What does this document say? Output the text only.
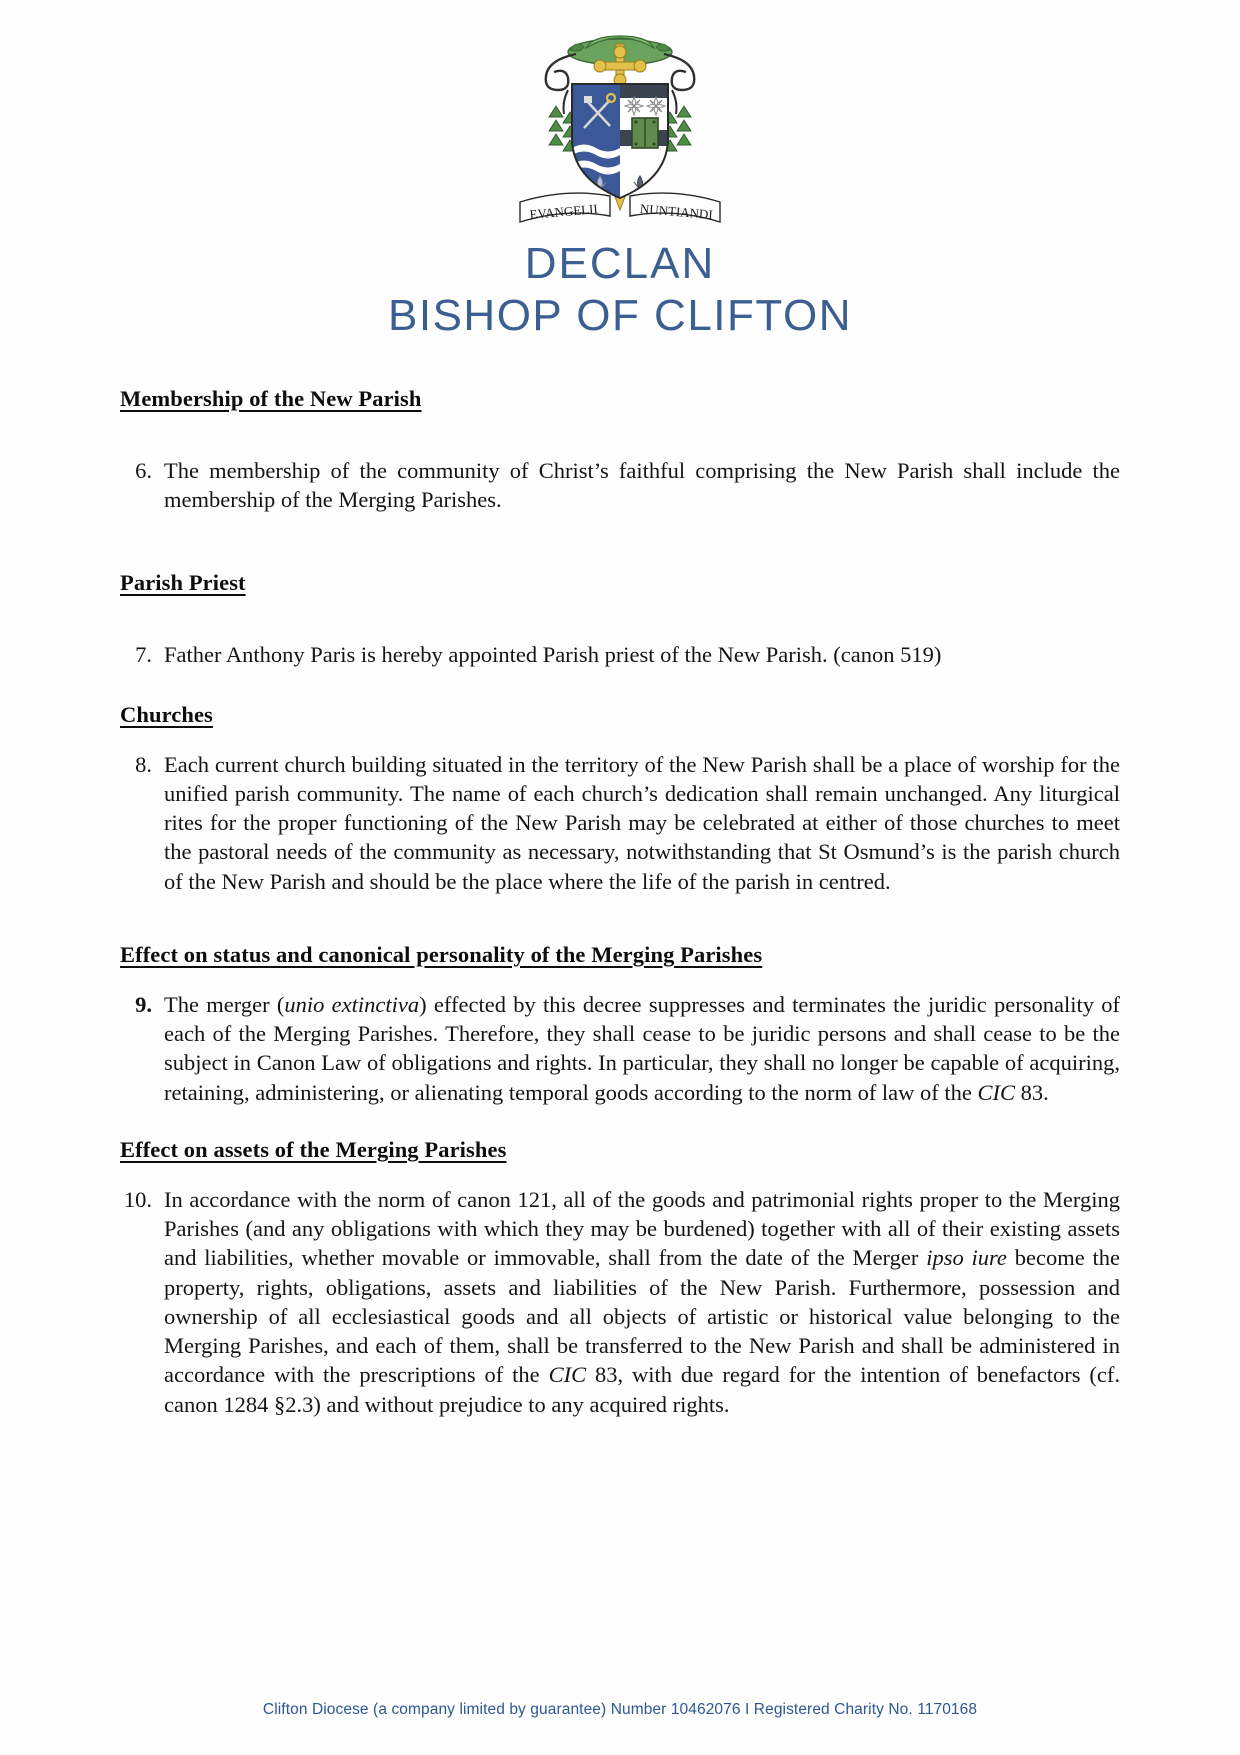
EVANGELII	NUNTIANDI
DECLAN
BISHOP OF CLIFTON
Membership of the New Parish
6. The membership of the community of Christ’s faithful comprising the New Parish shall include the membership of the Merging Parishes.
Parish Priest
7. Father Anthony Paris is hereby appointed Parish priest of the New Parish. (canon 519)
Churches
8. Each current church building situated in the territory of the New Parish shall be a place of worship for the unified parish community. The name of each church’s dedication shall remain unchanged. Any liturgical rites for the proper functioning of the New Parish may be celebrated at either of those churches to meet the pastoral needs of the community as necessary, notwithstanding that St Osmund’s is the parish church of the New Parish and should be the place where the life of the parish in centred.
Effect on status and canonical personality of the Merging Parishes
9. The merger (unio extinctiva) effected by this decree suppresses and terminates the juridic personality of each of the Merging Parishes. Therefore, they shall cease to be juridic persons and shall cease to be the subject in Canon Law of obligations and rights. In particular, they shall no longer be capable of acquiring, retaining, administering, or alienating temporal goods according to the norm of law of the CIC 83.
Effect on assets of the Merging Parishes
10. In accordance with the norm of canon 121, all of the goods and patrimonial rights proper to the Merging Parishes (and any obligations with which they may be burdened) together with all of their existing assets and liabilities, whether movable or immovable, shall from the date of the Merger ipso iure become the property, rights, obligations, assets and liabilities of the New Parish. Furthermore, possession and ownership of all ecclesiastical goods and all objects of artistic or historical value belonging to the Merging Parishes, and each of them, shall be transferred to the New Parish and shall be administered in accordance with the prescriptions of the CIC 83, with due regard for the intention of benefactors (cf. canon 1284 §2.3) and without prejudice to any acquired rights.
Clifton Diocese (a company limited by guarantee) Number 10462076 I Registered Charity No. 1170168
